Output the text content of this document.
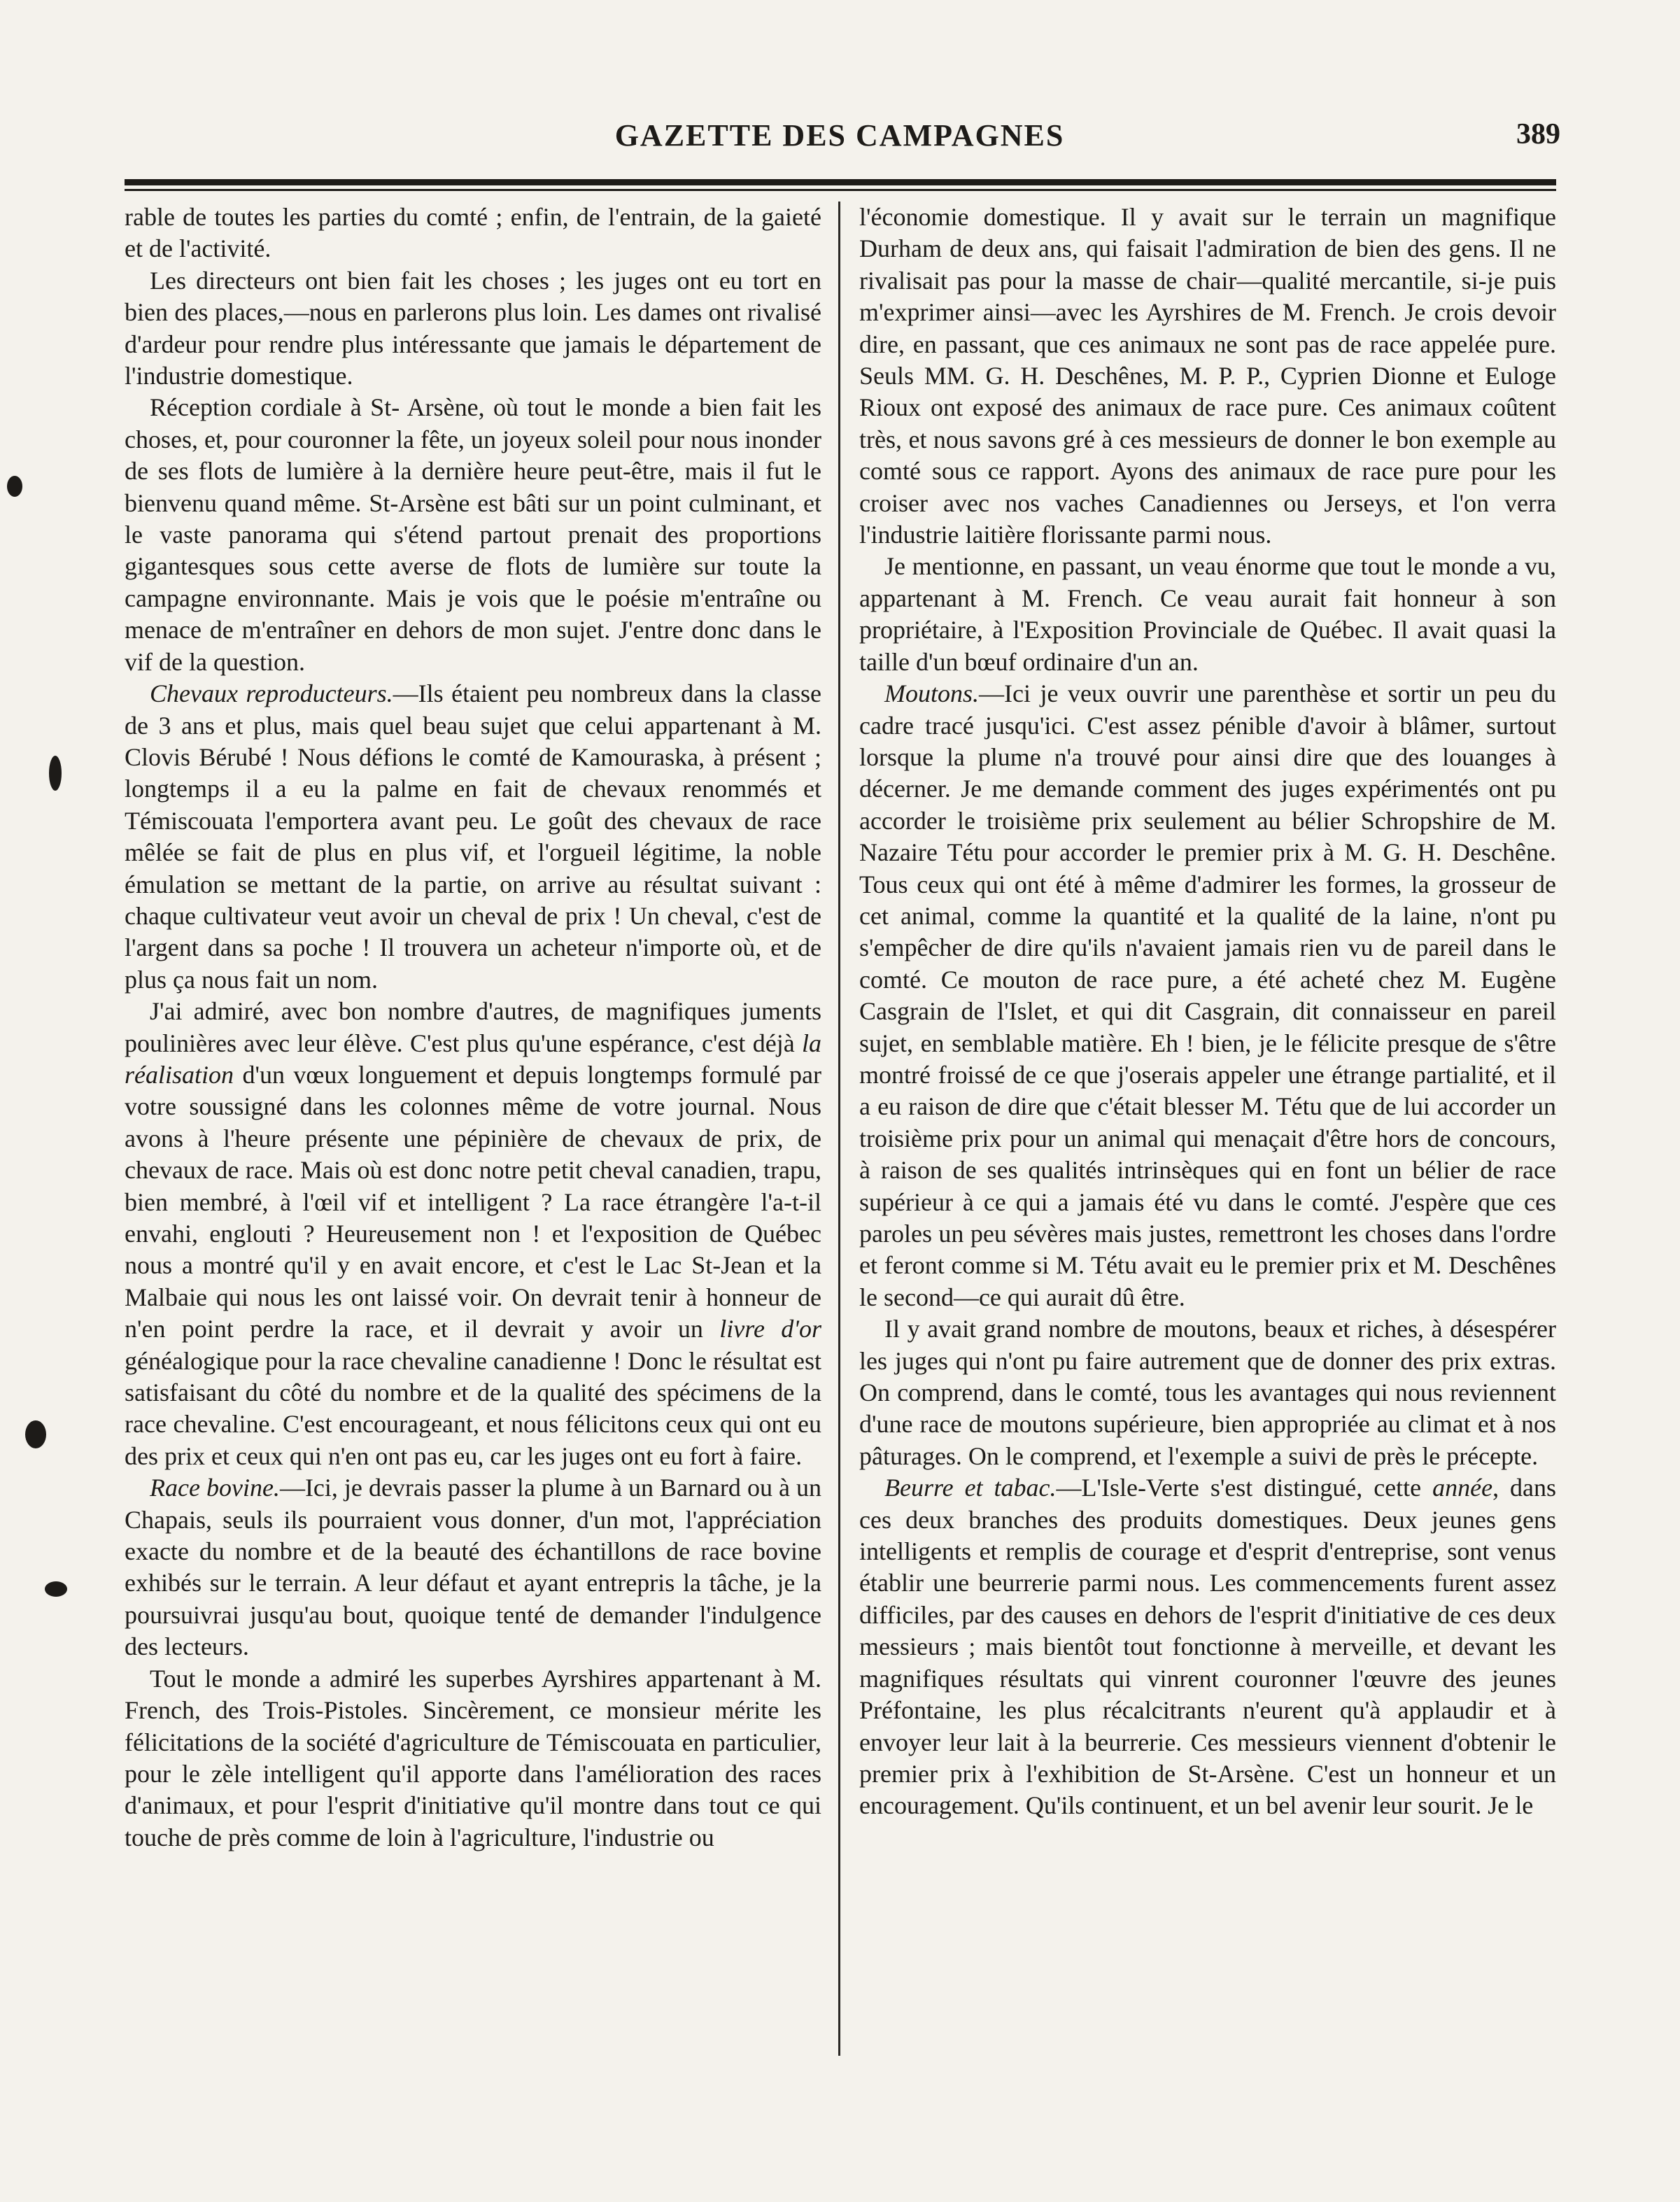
GAZETTE DES CAMPAGNES	389

rable de toutes les parties du comté ; enfin, de l'entrain, de la gaieté et de l'activité.

Les directeurs ont bien fait les choses ; les juges ont eu tort en bien des places,—nous en parlerons plus loin. Les dames ont rivalisé d'ardeur pour rendre plus intéressante que jamais le département de l'industrie domestique.

Réception cordiale à St- Arsène, où tout le monde a bien fait les choses, et, pour couronner la fête, un joyeux soleil pour nous inonder de ses flots de lumière à la dernière heure peut-être, mais il fut le bienvenu quand même. St-Arsène est bâti sur un point culminant, et le vaste panorama qui s'étend partout prenait des proportions gigantesques sous cette averse de flots de lumière sur toute la campagne environnante. Mais je vois que le poésie m'entraîne ou menace de m'entraîner en dehors de mon sujet. J'entre donc dans le vif de la question.

Chevaux reproducteurs.—Ils étaient peu nombreux dans la classe de 3 ans et plus, mais quel beau sujet que celui appartenant à M. Clovis Bérubé ! Nous défions le comté de Kamouraska, à présent ; longtemps il a eu la palme en fait de chevaux renommés et Témiscouata l'emportera avant peu. Le goût des chevaux de race mêlée se fait de plus en plus vif, et l'orgueil légitime, la noble émulation se mettant de la partie, on arrive au résultat suivant : chaque cultivateur veut avoir un cheval de prix ! Un cheval, c'est de l'argent dans sa poche ! Il trouvera un acheteur n'importe où, et de plus ça nous fait un nom.

J'ai admiré, avec bon nombre d'autres, de magnifiques juments poulinières avec leur élève. C'est plus qu'une espérance, c'est déjà la réalisation d'un vœux longuement et depuis longtemps formulé par votre soussigné dans les colonnes même de votre journal. Nous avons à l'heure présente une pépinière de chevaux de prix, de chevaux de race. Mais où est donc notre petit cheval canadien, trapu, bien membré, à l'œil vif et intelligent ? La race étrangère l'a-t-il envahi, englouti ? Heureusement non ! et l'exposition de Québec nous a montré qu'il y en avait encore, et c'est le Lac St-Jean et la Malbaie qui nous les ont laissé voir. On devrait tenir à honneur de n'en point perdre la race, et il devrait y avoir un livre d'or généalogique pour la race chevaline canadienne ! Donc le résultat est satisfaisant du côté du nombre et de la qualité des spécimens de la race chevaline. C'est encourageant, et nous félicitons ceux qui ont eu des prix et ceux qui n'en ont pas eu, car les juges ont eu fort à faire.

Race bovine.—Ici, je devrais passer la plume à un Barnard ou à un Chapais, seuls ils pourraient vous donner, d'un mot, l'appréciation exacte du nombre et de la beauté des échantillons de race bovine exhibés sur le terrain. A leur défaut et ayant entrepris la tâche, je la poursuivrai jusqu'au bout, quoique tenté de demander l'indulgence des lecteurs.

Tout le monde a admiré les superbes Ayrshires appartenant à M. French, des Trois-Pistoles. Sincèrement, ce monsieur mérite les félicitations de la société d'agriculture de Témiscouata en particulier, pour le zèle intelligent qu'il apporte dans l'amélioration des races d'animaux, et pour l'esprit d'initiative qu'il montre dans tout ce qui touche de près comme de loin à l'agriculture, l'industrie ou

l'économie domestique. Il y avait sur le terrain un magnifique Durham de deux ans, qui faisait l'admiration de bien des gens. Il ne rivalisait pas pour la masse de chair—qualité mercantile, si-je puis m'exprimer ainsi—avec les Ayrshires de M. French. Je crois devoir dire, en passant, que ces animaux ne sont pas de race appelée pure. Seuls MM. G. H. Deschênes, M. P. P., Cyprien Dionne et Euloge Rioux ont exposé des animaux de race pure. Ces animaux coûtent très, et nous savons gré à ces messieurs de donner le bon exemple au comté sous ce rapport. Ayons des animaux de race pure pour les croiser avec nos vaches Canadiennes ou Jerseys, et l'on verra l'industrie laitière florissante parmi nous.

Je mentionne, en passant, un veau énorme que tout le monde a vu, appartenant à M. French. Ce veau aurait fait honneur à son propriétaire, à l'Exposition Provinciale de Québec. Il avait quasi la taille d'un bœuf ordinaire d'un an.

Moutons.—Ici je veux ouvrir une parenthèse et sortir un peu du cadre tracé jusqu'ici. C'est assez pénible d'avoir à blâmer, surtout lorsque la plume n'a trouvé pour ainsi dire que des louanges à décerner. Je me demande comment des juges expérimentés ont pu accorder le troisième prix seulement au bélier Schropshire de M. Nazaire Tétu pour accorder le premier prix à M. G. H. Deschêne. Tous ceux qui ont été à même d'admirer les formes, la grosseur de cet animal, comme la quantité et la qualité de la laine, n'ont pu s'empêcher de dire qu'ils n'avaient jamais rien vu de pareil dans le comté. Ce mouton de race pure, a été acheté chez M. Eugène Casgrain de l'Islet, et qui dit Casgrain, dit connaisseur en pareil sujet, en semblable matière. Eh ! bien, je le félicite presque de s'être montré froissé de ce que j'oserais appeler une étrange partialité, et il a eu raison de dire que c'était blesser M. Tétu que de lui accorder un troisième prix pour un animal qui menaçait d'être hors de concours, à raison de ses qualités intrinsèques qui en font un bélier de race supérieur à ce qui a jamais été vu dans le comté. J'espère que ces paroles un peu sévères mais justes, remettront les choses dans l'ordre et feront comme si M. Tétu avait eu le premier prix et M. Deschênes le second—ce qui aurait dû être.

Il y avait grand nombre de moutons, beaux et riches, à désespérer les juges qui n'ont pu faire autrement que de donner des prix extras. On comprend, dans le comté, tous les avantages qui nous reviennent d'une race de moutons supérieure, bien appropriée au climat et à nos pâturages. On le comprend, et l'exemple a suivi de près le précepte.

Beurre et tabac.—L'Isle-Verte s'est distingué, cette année, dans ces deux branches des produits domestiques. Deux jeunes gens intelligents et remplis de courage et d'esprit d'entreprise, sont venus établir une beurrerie parmi nous. Les commencements furent assez difficiles, par des causes en dehors de l'esprit d'initiative de ces deux messieurs ; mais bientôt tout fonctionne à merveille, et devant les magnifiques résultats qui vinrent couronner l'œuvre des jeunes Préfontaine, les plus récalcitrants n'eurent qu'à applaudir et à envoyer leur lait à la beurrerie. Ces messieurs viennent d'obtenir le premier prix à l'exhibition de St-Arsène. C'est un honneur et un encouragement. Qu'ils continuent, et un bel avenir leur sourit. Je le
